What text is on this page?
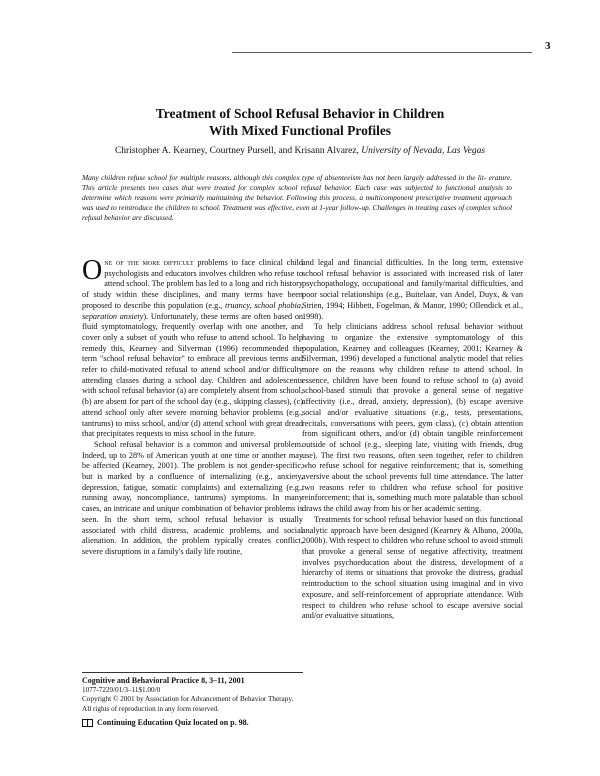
3
Treatment of School Refusal Behavior in Children
With Mixed Functional Profiles
Christopher A. Kearney, Courtney Pursell, and Krisann Alvarez, University of Nevada, Las Vegas
Many children refuse school for multiple reasons, although this complex type of absenteeism has not been largely addressed in the lit- erature. This article presents two cases that were treated for complex school refusal behavior. Each case was subjected to functional analysis to determine which reasons were primarily maintaining the behavior. Following this process, a multicomponent prescriptive treatment approach was used to reintroduce the children to school. Treatment was effective, even at 1-year follow-up. Challenges in treating cases of complex school refusal behavior are discussed.

One of the more difficult problems to face clinical child psychologists and educators involves children who refuse to attend school. The problem has led to a long and rich history of study within these disciplines, and many terms have been proposed to describe this population (e.g., truancy, school phobia, separation anxiety). Unfortunately, these terms are often based on fluid symptomatology, frequently overlap with one another, and cover only a subset of youth who refuse to attend school. To help remedy this, Kearney and Silverman (1996) recommended the term "school refusal behavior" to embrace all previous terms and refer to child-motivated refusal to attend school and/or difficulty attending classes during a school day. Children and adolescents with school refusal behavior (a) are completely absent from school, (b) are absent for part of the school day (e.g., skipping classes), (c) attend school only after severe morning behavior problems (e.g., tantrums) to miss school, and/or (d) attend school with great dread that precipitates requests to miss school in the future.

School refusal behavior is a common and universal problem. Indeed, up to 28% of American youth at one time or another may be affected (Kearney, 2001). The problem is not gender-specific, but is marked by a confluence of internalizing (e.g., anxiety, depression, fatigue, somatic complaints) and externalizing (e.g., running away, noncompliance, tantrums) symptoms. In many cases, an intricate and unique combination of behavior problems is seen. In the short term, school refusal behavior is usually associated with child distress, academic problems, and social alienation. In addition, the problem typically creates conflict, severe disruptions in a family's daily life routine,

and legal and financial difficulties. In the long term, extensive school refusal behavior is associated with increased risk of later psychopathology, occupational and family/marital difficulties, and poor social relationships (e.g., Buitelaar, van Andel, Duyx, & van Strien, 1994; Hibbett, Fogelman, & Manor, 1990; Ollendick et al., 1998).

To help clinicians address school refusal behavior without having to organize the extensive symptomatology of this population, Kearney and colleagues (Kearney, 2001; Kearney & Silverman, 1996) developed a functional analytic model that relies more on the reasons why children refuse to attend school. In essence, children have been found to refuse school to (a) avoid school-based stimuli that provoke a general sense of negative affectivity (i.e., dread, anxiety, depression), (b) escape aversive social and/or evaluative situations (e.g., tests, presentations, recitals, conversations with peers, gym class), (c) obtain attention from significant others, and/or (d) obtain tangible reinforcement outside of school (e.g., sleeping late, visiting with friends, drug use). The first two reasons, often seen together, refer to children who refuse school for negative reinforcement; that is, something aversive about the school prevents full time attendance. The latter two reasons refer to children who refuse school for positive reinforcement; that is, something much more palatable than school draws the child away from his or her academic setting.

Treatments for school refusal behavior based on this functional analytic approach have been designed (Kearney & Albano, 2000a, 2000b). With respect to children who refuse school to avoid stimuli that provoke a general sense of negative affectivity, treatment involves psychoeducation about the distress, development of a hierarchy of items or situations that provoke the distress, gradual reintroduction to the school situation using imaginal and in vivo exposure, and self-reinforcement of appropriate attendance. With respect to children who refuse school to escape aversive social and/or evaluative situations,

Cognitive and Behavioral Practice 8, 3–11, 2001
1077-7229/01/3–11$1.00/0
Copyright © 2001 by Association for Advancement of Behavior Therapy. All rights of reproduction in any form reserved.
Continuing Education Quiz located on p. 98.
